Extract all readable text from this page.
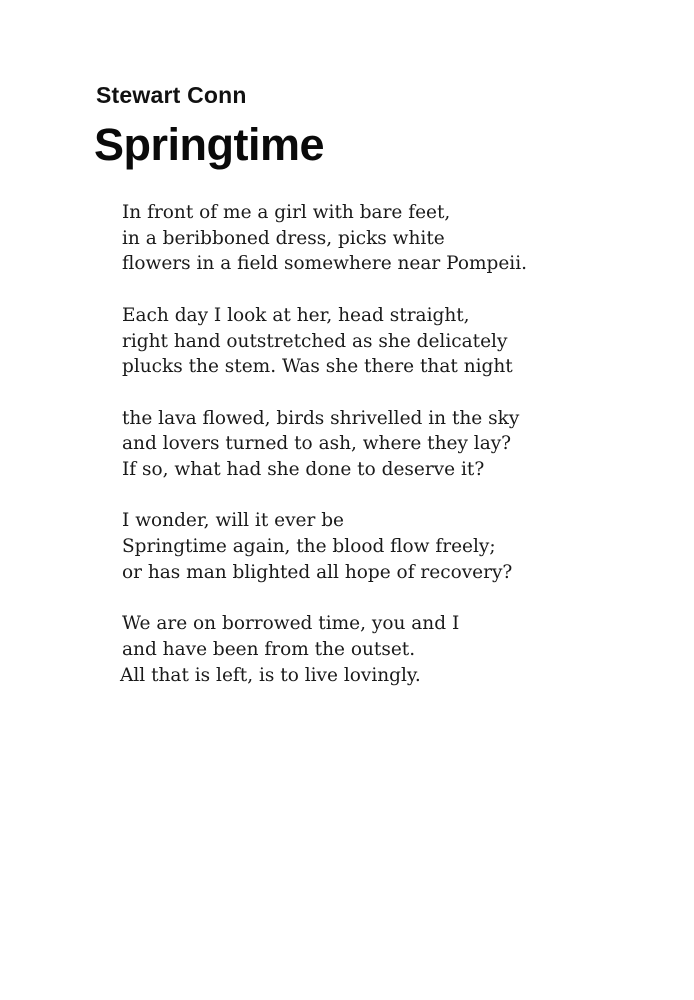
Stewart Conn
Springtime
In front of me a girl with bare feet,
in a beribboned dress, picks white
flowers in a field somewhere near Pompeii.
Each day I look at her, head straight,
right hand outstretched as she delicately
plucks the stem. Was she there that night
the lava flowed, birds shrivelled in the sky
and lovers turned to ash, where they lay?
If so, what had she done to deserve it?
I wonder, will it ever be
Springtime again, the blood flow freely;
or has man blighted all hope of recovery?
We are on borrowed time, you and I
and have been from the outset.
All that is left, is to live lovingly.
